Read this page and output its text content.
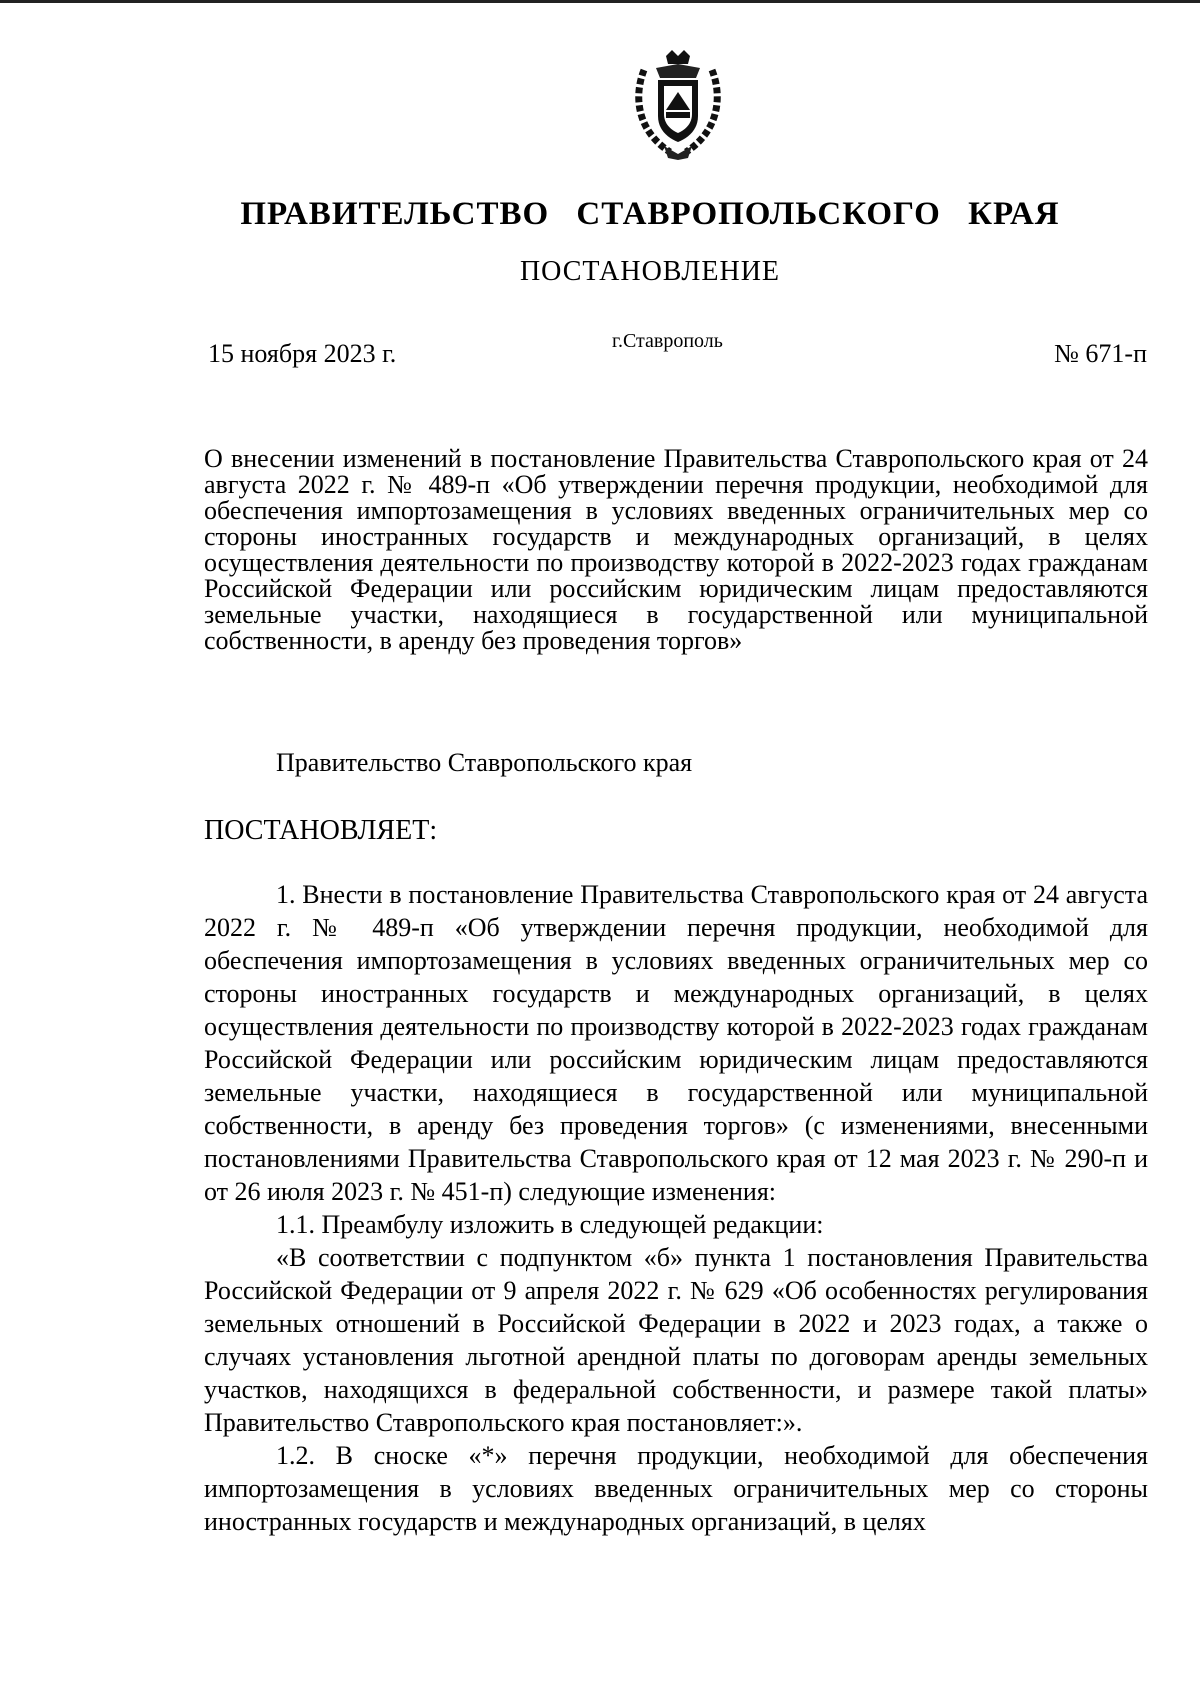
ПРАВИТЕЛЬСТВО СТАВРОПОЛЬСКОГО КРАЯ
ПОСТАНОВЛЕНИЕ
15 ноября 2023 г.	г.Ставрополь	№ 671-п
О внесении изменений в постановление Правительства Ставропольского края от 24 августа 2022 г. № 489-п «Об утверждении перечня продукции, необходимой для обеспечения импортозамещения в условиях введенных ограничительных мер со стороны иностранных государств и международных организаций, в целях осуществления деятельности по производству которой в 2022-2023 годах гражданам Российской Федерации или российским юридическим лицам предоставляются земельные участки, находящиеся в государственной или муниципальной собственности, в аренду без проведения торгов»
Правительство Ставропольского края
ПОСТАНОВЛЯЕТ:

1. Внести в постановление Правительства Ставропольского края от 24 августа 2022 г. № 489-п «Об утверждении перечня продукции, необходимой для обеспечения импортозамещения в условиях введенных ограничительных мер со стороны иностранных государств и международных организаций, в целях осуществления деятельности по производству которой в 2022-2023 годах гражданам Российской Федерации или российским юридическим лицам предоставляются земельные участки, находящиеся в государственной или муниципальной собственности, в аренду без проведения торгов» (с изменениями, внесенными постановлениями Правительства Ставропольского края от 12 мая 2023 г. № 290-п и от 26 июля 2023 г. № 451-п) следующие изменения:

1.1. Преамбулу изложить в следующей редакции:

«В соответствии с подпунктом «б» пункта 1 постановления Правительства Российской Федерации от 9 апреля 2022 г. № 629 «Об особенностях регулирования земельных отношений в Российской Федерации в 2022 и 2023 годах, а также о случаях установления льготной арендной платы по договорам аренды земельных участков, находящихся в федеральной собственности, и размере такой платы» Правительство Ставропольского края постановляет:».

1.2. В сноске «*» перечня продукции, необходимой для обеспечения импортозамещения в условиях введенных ограничительных мер со стороны иностранных государств и международных организаций, в целях
